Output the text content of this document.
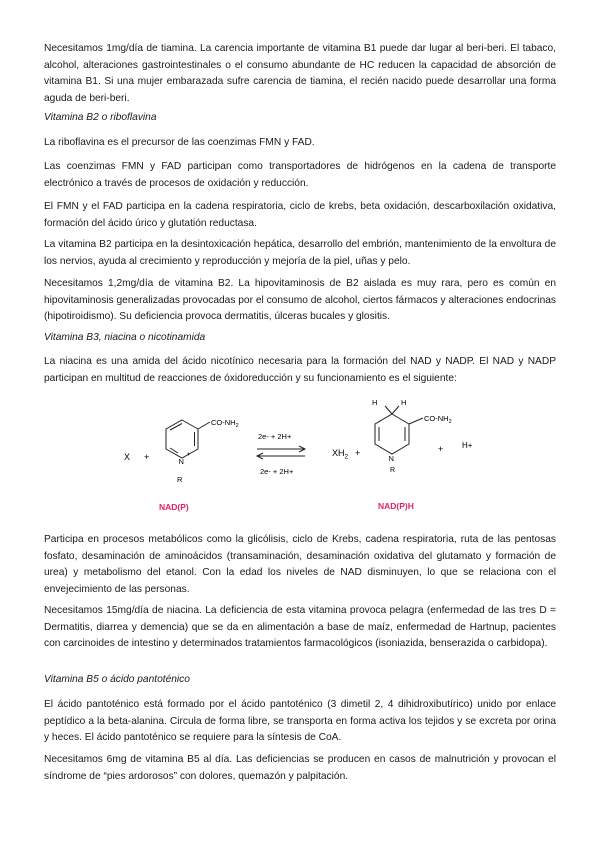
Necesitamos 1mg/día de tiamina. La carencia importante de vitamina B1 puede dar lugar al beri-beri. El tabaco, alcohol, alteraciones gastrointestinales o el consumo abundante de HC reducen la capacidad de absorción de vitamina B1. Si una mujer embarazada sufre carencia de tiamina, el recién nacido puede desarrollar una forma aguda de beri-beri.

Vitamina B2 o riboflavina

La riboflavina es el precursor de las coenzimas FMN y FAD.

Las coenzimas FMN y FAD participan como transportadores de hidrógenos en la cadena de transporte electrónico a través de procesos de oxidación y reducción.

El FMN y el FAD participa en la cadena respiratoria, ciclo de krebs, beta oxidación, descarboxilación oxidativa, formación del ácido úrico y glutatión reductasa.

La vitamina B2 participa en la desintoxicación hepática, desarrollo del embrión, mantenimiento de la envoltura de los nervios, ayuda al crecimiento y reproducción y mejoría de la piel, uñas y pelo.

Necesitamos 1,2mg/día de vitamina B2. La hipovitaminosis de B2 aislada es muy rara, pero es común en hipovitaminosis generalizadas provocadas por el consumo de alcohol, ciertos fármacos y alteraciones endocrinas (hipotiroidismo). Su deficiencia provoca dermatitis, úlceras bucales y glositis.

Vitamina B3, niacina o nicotinamida

La niacina es una amida del ácido nicotínico necesaria para la formación del NAD y NADP. El NAD y NADP participan en multitud de reacciones de óxidoreducción y su funcionamiento es el siguiente:

X +
$CO-NH_2$
N
+
R
2e- + 2H+
2e- + 2H+
$XH_2$ +
H	H
$CO-NH_2$
N
R
+ H+
NAD(P)	NAD(P)H

Participa en procesos metabólicos como la glicólisis, ciclo de Krebs, cadena respiratoria, ruta de las pentosas fosfato, desaminación de aminoácidos (transaminación, desaminación oxidativa del glutamato y formación de urea) y metabolismo del etanol. Con la edad los niveles de NAD disminuyen, lo que se relaciona con el envejecimiento de las personas.

Necesitamos 15mg/día de niacina. La deficiencia de esta vitamina provoca pelagra (enfermedad de las tres D = Dermatitis, diarrea y demencia) que se da en alimentación a base de maíz, enfermedad de Hartnup, pacientes con carcinoides de intestino y determinados tratamientos farmacológicos (isoniazida, benserazida o carbidopa).

Vitamina B5 o ácido pantoténico

El ácido pantoténico está formado por el ácido pantoténico (3 dimetil 2, 4 dihidroxibutírico) unido por enlace peptídico a la beta-alanina. Circula de forma libre, se transporta en forma activa los tejidos y se excreta por orina y heces. El ácido pantoténico se requiere para la síntesis de CoA.

Necesitamos 6mg de vitamina B5 al día. Las deficiencias se producen en casos de malnutrición y provocan el síndrome de “pies ardorosos” con dolores, quemazón y palpitación.
